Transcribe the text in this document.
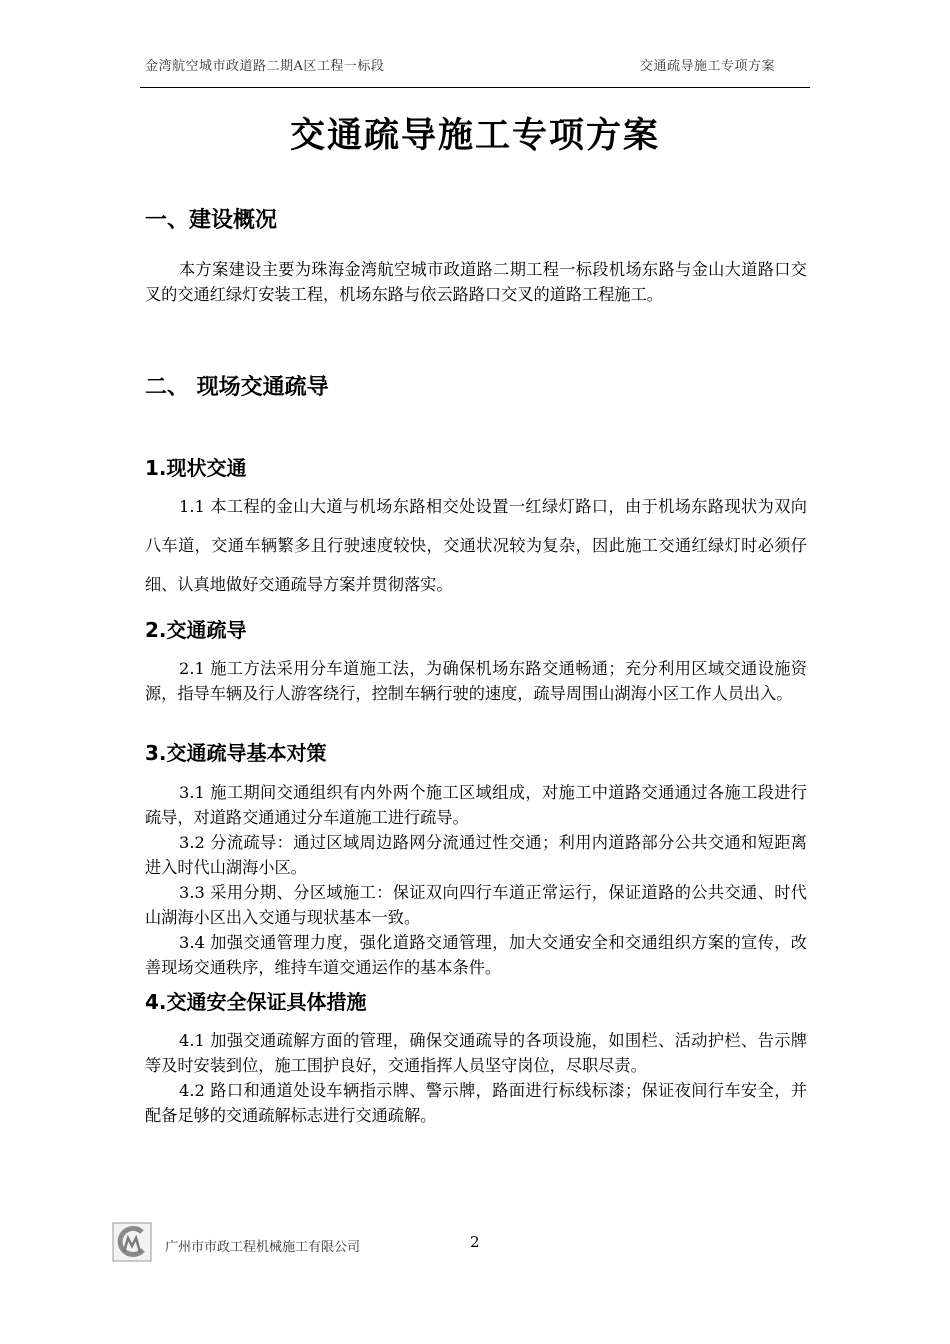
金湾航空城市政道路二期A区工程一标段	交通疏导施工专项方案
交通疏导施工专项方案
一、建设概况

本方案建设主要为珠海金湾航空城市政道路二期工程一标段机场东路与金山大道路口交叉的交通红绿灯安装工程，机场东路与依云路路口交叉的道路工程施工。

二、 现场交通疏导
1.现状交通

1.1 本工程的金山大道与机场东路相交处设置一红绿灯路口，由于机场东路现状为双向八车道，交通车辆繁多且行驶速度较快，交通状况较为复杂，因此施工交通红绿灯时必须仔细、认真地做好交通疏导方案并贯彻落实。

2.交通疏导

2.1 施工方法采用分车道施工法，为确保机场东路交通畅通；充分利用区域交通设施资源，指导车辆及行人游客绕行，控制车辆行驶的速度，疏导周围山湖海小区工作人员出入。

3.交通疏导基本对策

3.1 施工期间交通组织有内外两个施工区域组成，对施工中道路交通通过各施工段进行疏导，对道路交通通过分车道施工进行疏导。

3.2 分流疏导：通过区域周边路网分流通过性交通；利用内道路部分公共交通和短距离进入时代山湖海小区。

3.3 采用分期、分区域施工：保证双向四行车道正常运行，保证道路的公共交通、时代山湖海小区出入交通与现状基本一致。

3.4 加强交通管理力度，强化道路交通管理，加大交通安全和交通组织方案的宣传，改善现场交通秩序，维持车道交通运作的基本条件。

4.交通安全保证具体措施

4.1 加强交通疏解方面的管理，确保交通疏导的各项设施，如围栏、活动护栏、告示牌等及时安装到位，施工围护良好，交通指挥人员坚守岗位，尽职尽责。

4.2 路口和通道处设车辆指示牌、警示牌，路面进行标线标漆；保证夜间行车安全，并配备足够的交通疏解标志进行交通疏解。

广州市市政工程机械施工有限公司	2
